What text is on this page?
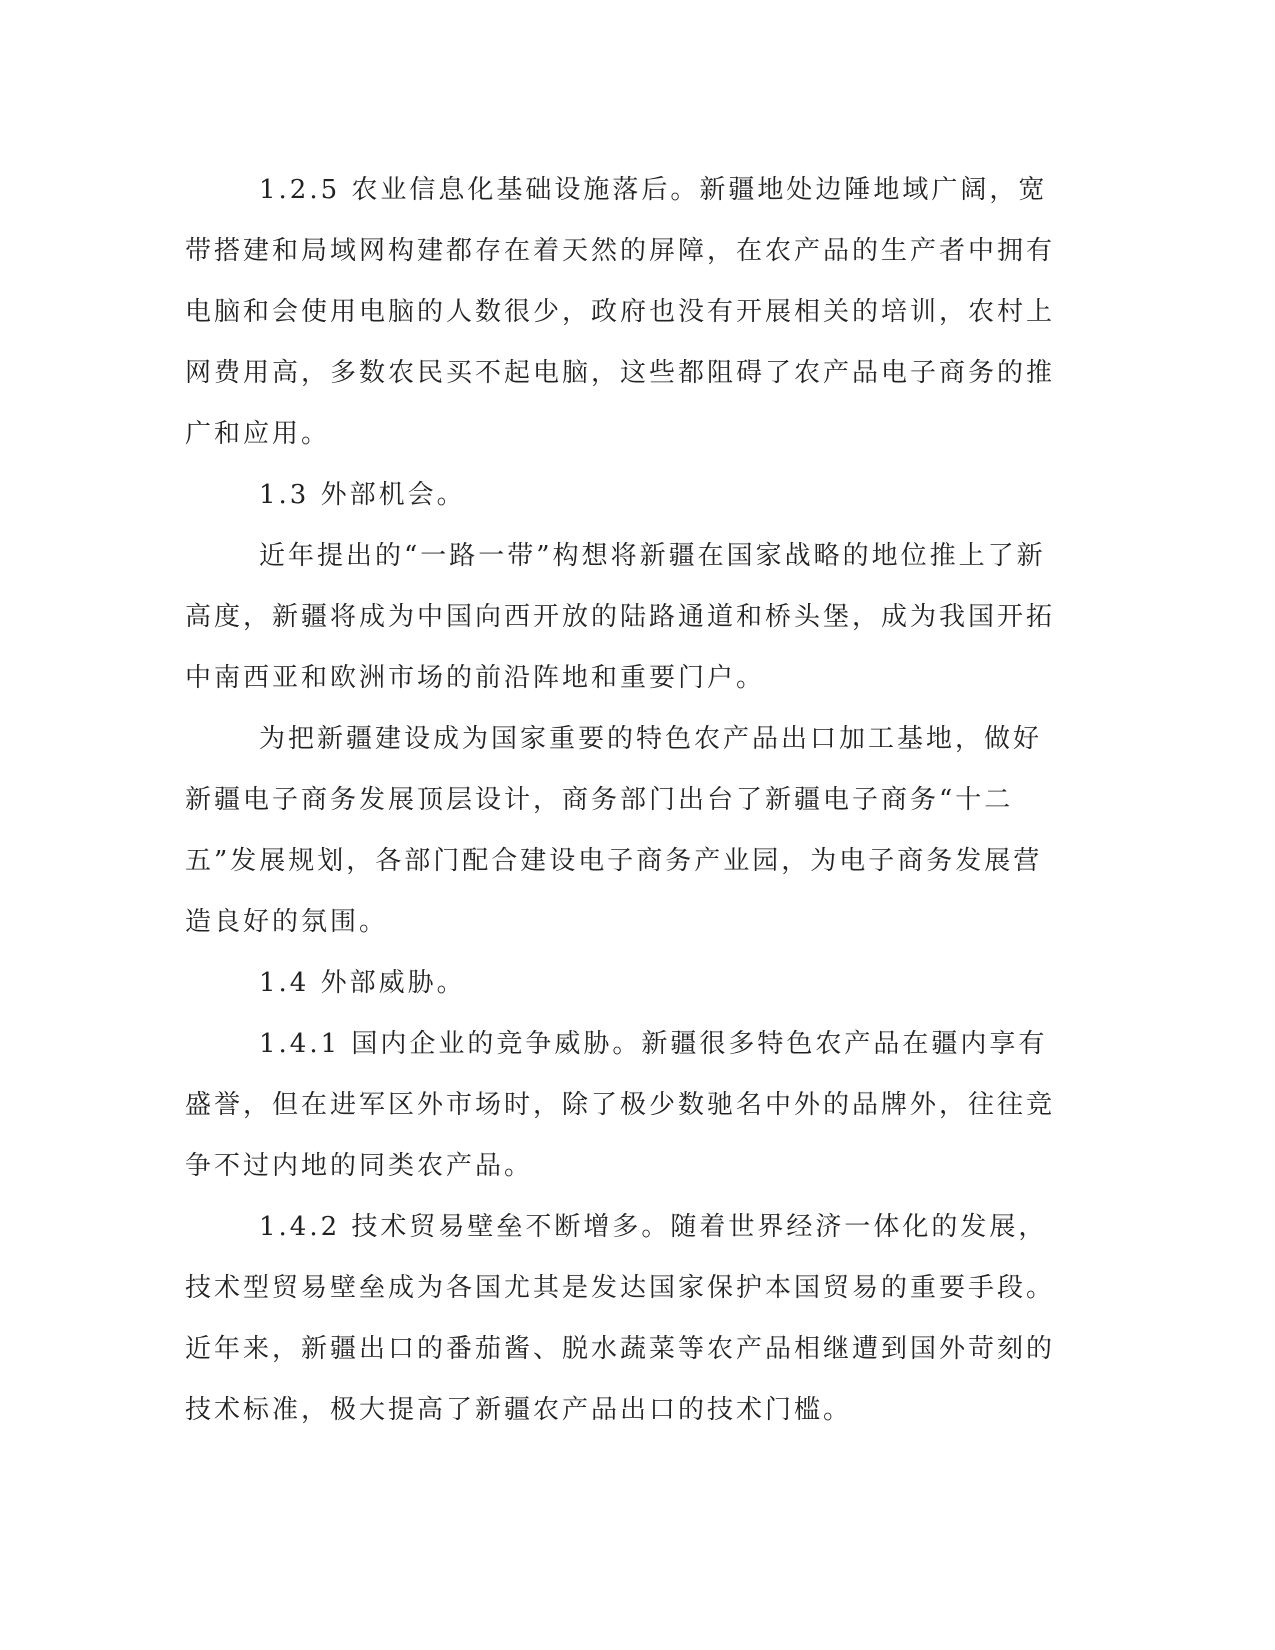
1.2.5 农业信息化基础设施落后。新疆地处边陲地域广阔，宽带搭建和局域网构建都存在着天然的屏障，在农产品的生产者中拥有电脑和会使用电脑的人数很少，政府也没有开展相关的培训，农村上网费用高，多数农民买不起电脑，这些都阻碍了农产品电子商务的推广和应用。

1.3 外部机会。

近年提出的“一路一带”构想将新疆在国家战略的地位推上了新高度，新疆将成为中国向西开放的陆路通道和桥头堡，成为我国开拓中南西亚和欧洲市场的前沿阵地和重要门户。

为把新疆建设成为国家重要的特色农产品出口加工基地，做好新疆电子商务发展顶层设计，商务部门出台了新疆电子商务“十二五”发展规划，各部门配合建设电子商务产业园，为电子商务发展营造良好的氛围。

1.4 外部威胁。

1.4.1 国内企业的竞争威胁。新疆很多特色农产品在疆内享有盛誉，但在进军区外市场时，除了极少数驰名中外的品牌外，往往竞争不过内地的同类农产品。

1.4.2 技术贸易壁垒不断增多。随着世界经济一体化的发展，技术型贸易壁垒成为各国尤其是发达国家保护本国贸易的重要手段。近年来，新疆出口的番茄酱、脱水蔬菜等农产品相继遭到国外苛刻的技术标准，极大提高了新疆农产品出口的技术门槛。
